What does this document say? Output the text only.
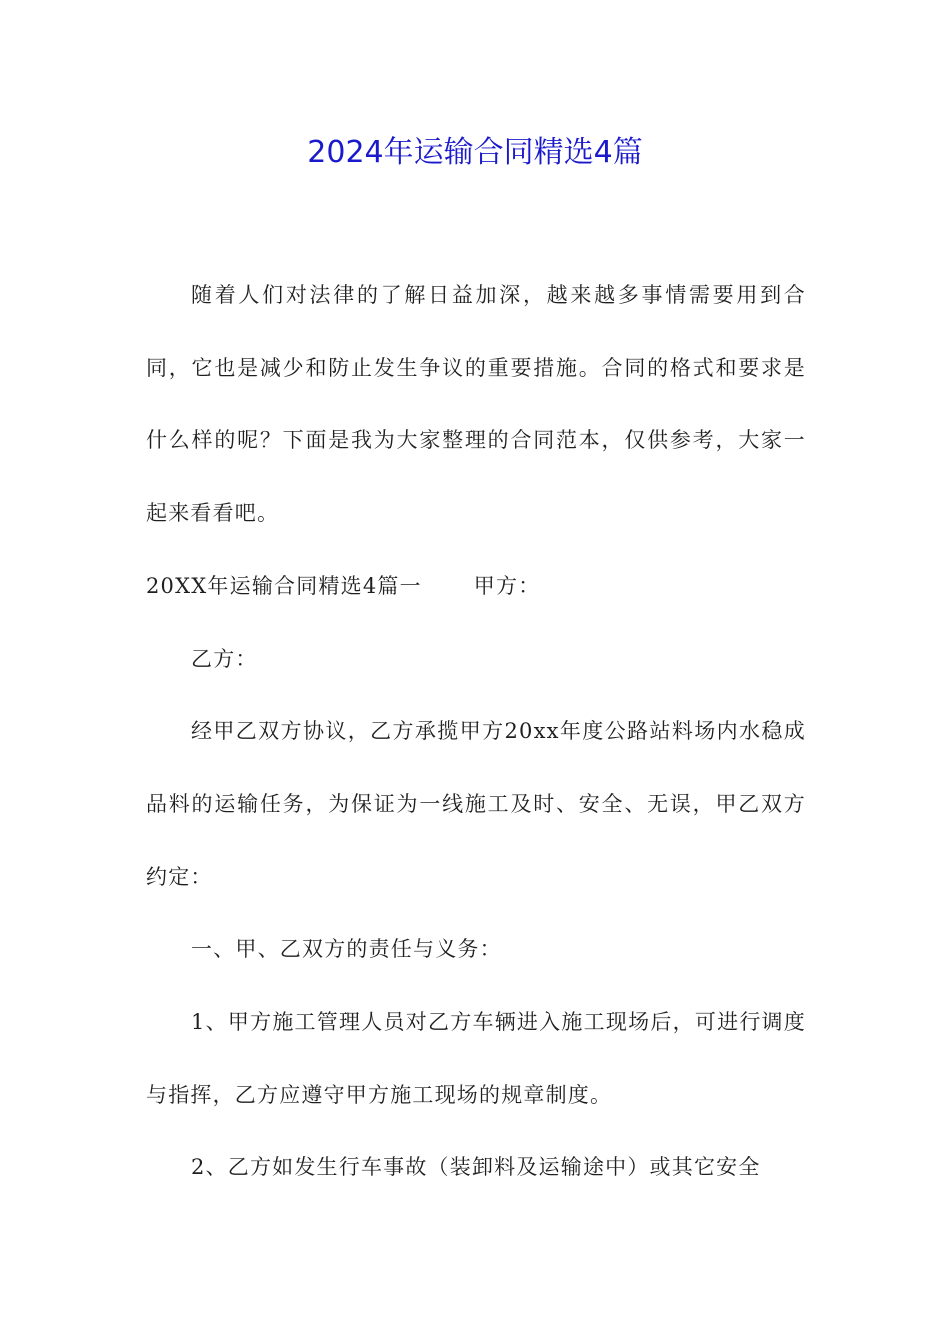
2024年运输合同精选4篇

随着人们对法律的了解日益加深，越来越多事情需要用到合同，它也是减少和防止发生争议的重要措施。合同的格式和要求是什么样的呢？下面是我为大家整理的合同范本，仅供参考，大家一起来看看吧。

20XX年运输合同精选4篇一 甲方：

乙方：

经甲乙双方协议，乙方承揽甲方20xx年度公路站料场内水稳成品料的运输任务，为保证为一线施工及时、安全、无误，甲乙双方约定：

一、甲、乙双方的责任与义务：

1、甲方施工管理人员对乙方车辆进入施工现场后，可进行调度与指挥，乙方应遵守甲方施工现场的规章制度。

2、乙方如发生行车事故（装卸料及运输途中）或其它安全
